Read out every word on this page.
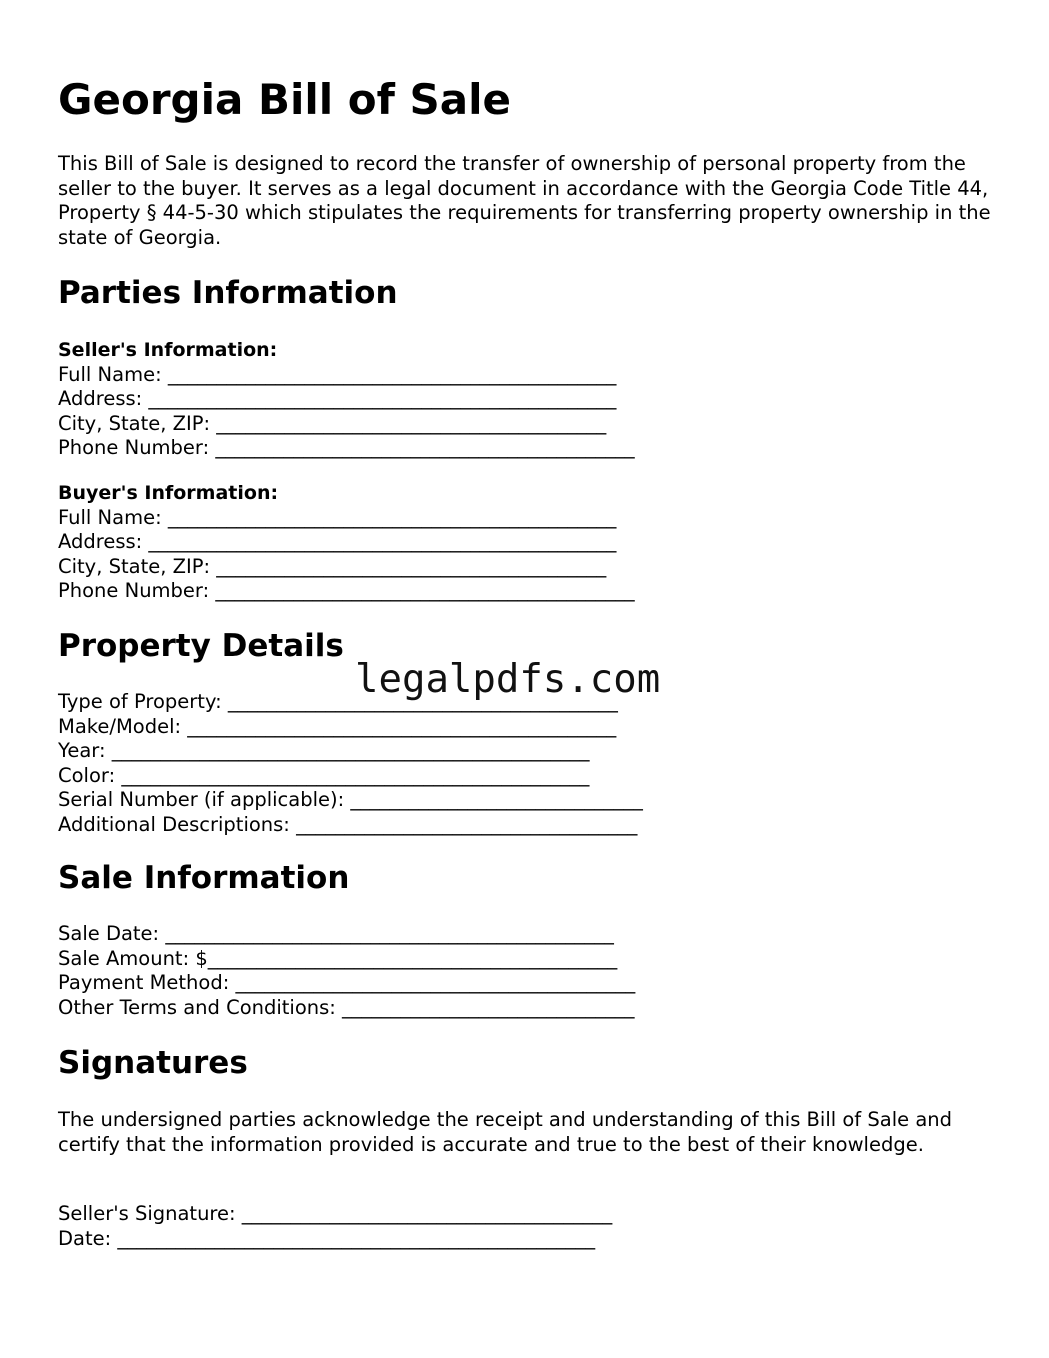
Georgia Bill of Sale

This Bill of Sale is designed to record the transfer of ownership of personal property from the seller to the buyer. It serves as a legal document in accordance with the Georgia Code Title 44, Property § 44-5-30 which stipulates the requirements for transferring property ownership in the state of Georgia.

Parties Information
Seller's Information:
Full Name: ______________________________________________
Address: ________________________________________________
City, State, ZIP: ________________________________________
Phone Number: ___________________________________________
Buyer's Information:
Full Name: ______________________________________________
Address: ________________________________________________
City, State, ZIP: ________________________________________
Phone Number: ___________________________________________
Property Details
Type of Property: ________________________________________
Make/Model: ____________________________________________
Year: _________________________________________________
Color: ________________________________________________
Serial Number (if applicable): ______________________________
Additional Descriptions: ___________________________________
Sale Information
Sale Date: ______________________________________________
Sale Amount: $__________________________________________
Payment Method: _________________________________________
Other Terms and Conditions: ______________________________
Signatures

The undersigned parties acknowledge the receipt and understanding of this Bill of Sale and certify that the information provided is accurate and true to the best of their knowledge.

Seller's Signature: ______________________________________
Date: _________________________________________________
legalpdfs.com
